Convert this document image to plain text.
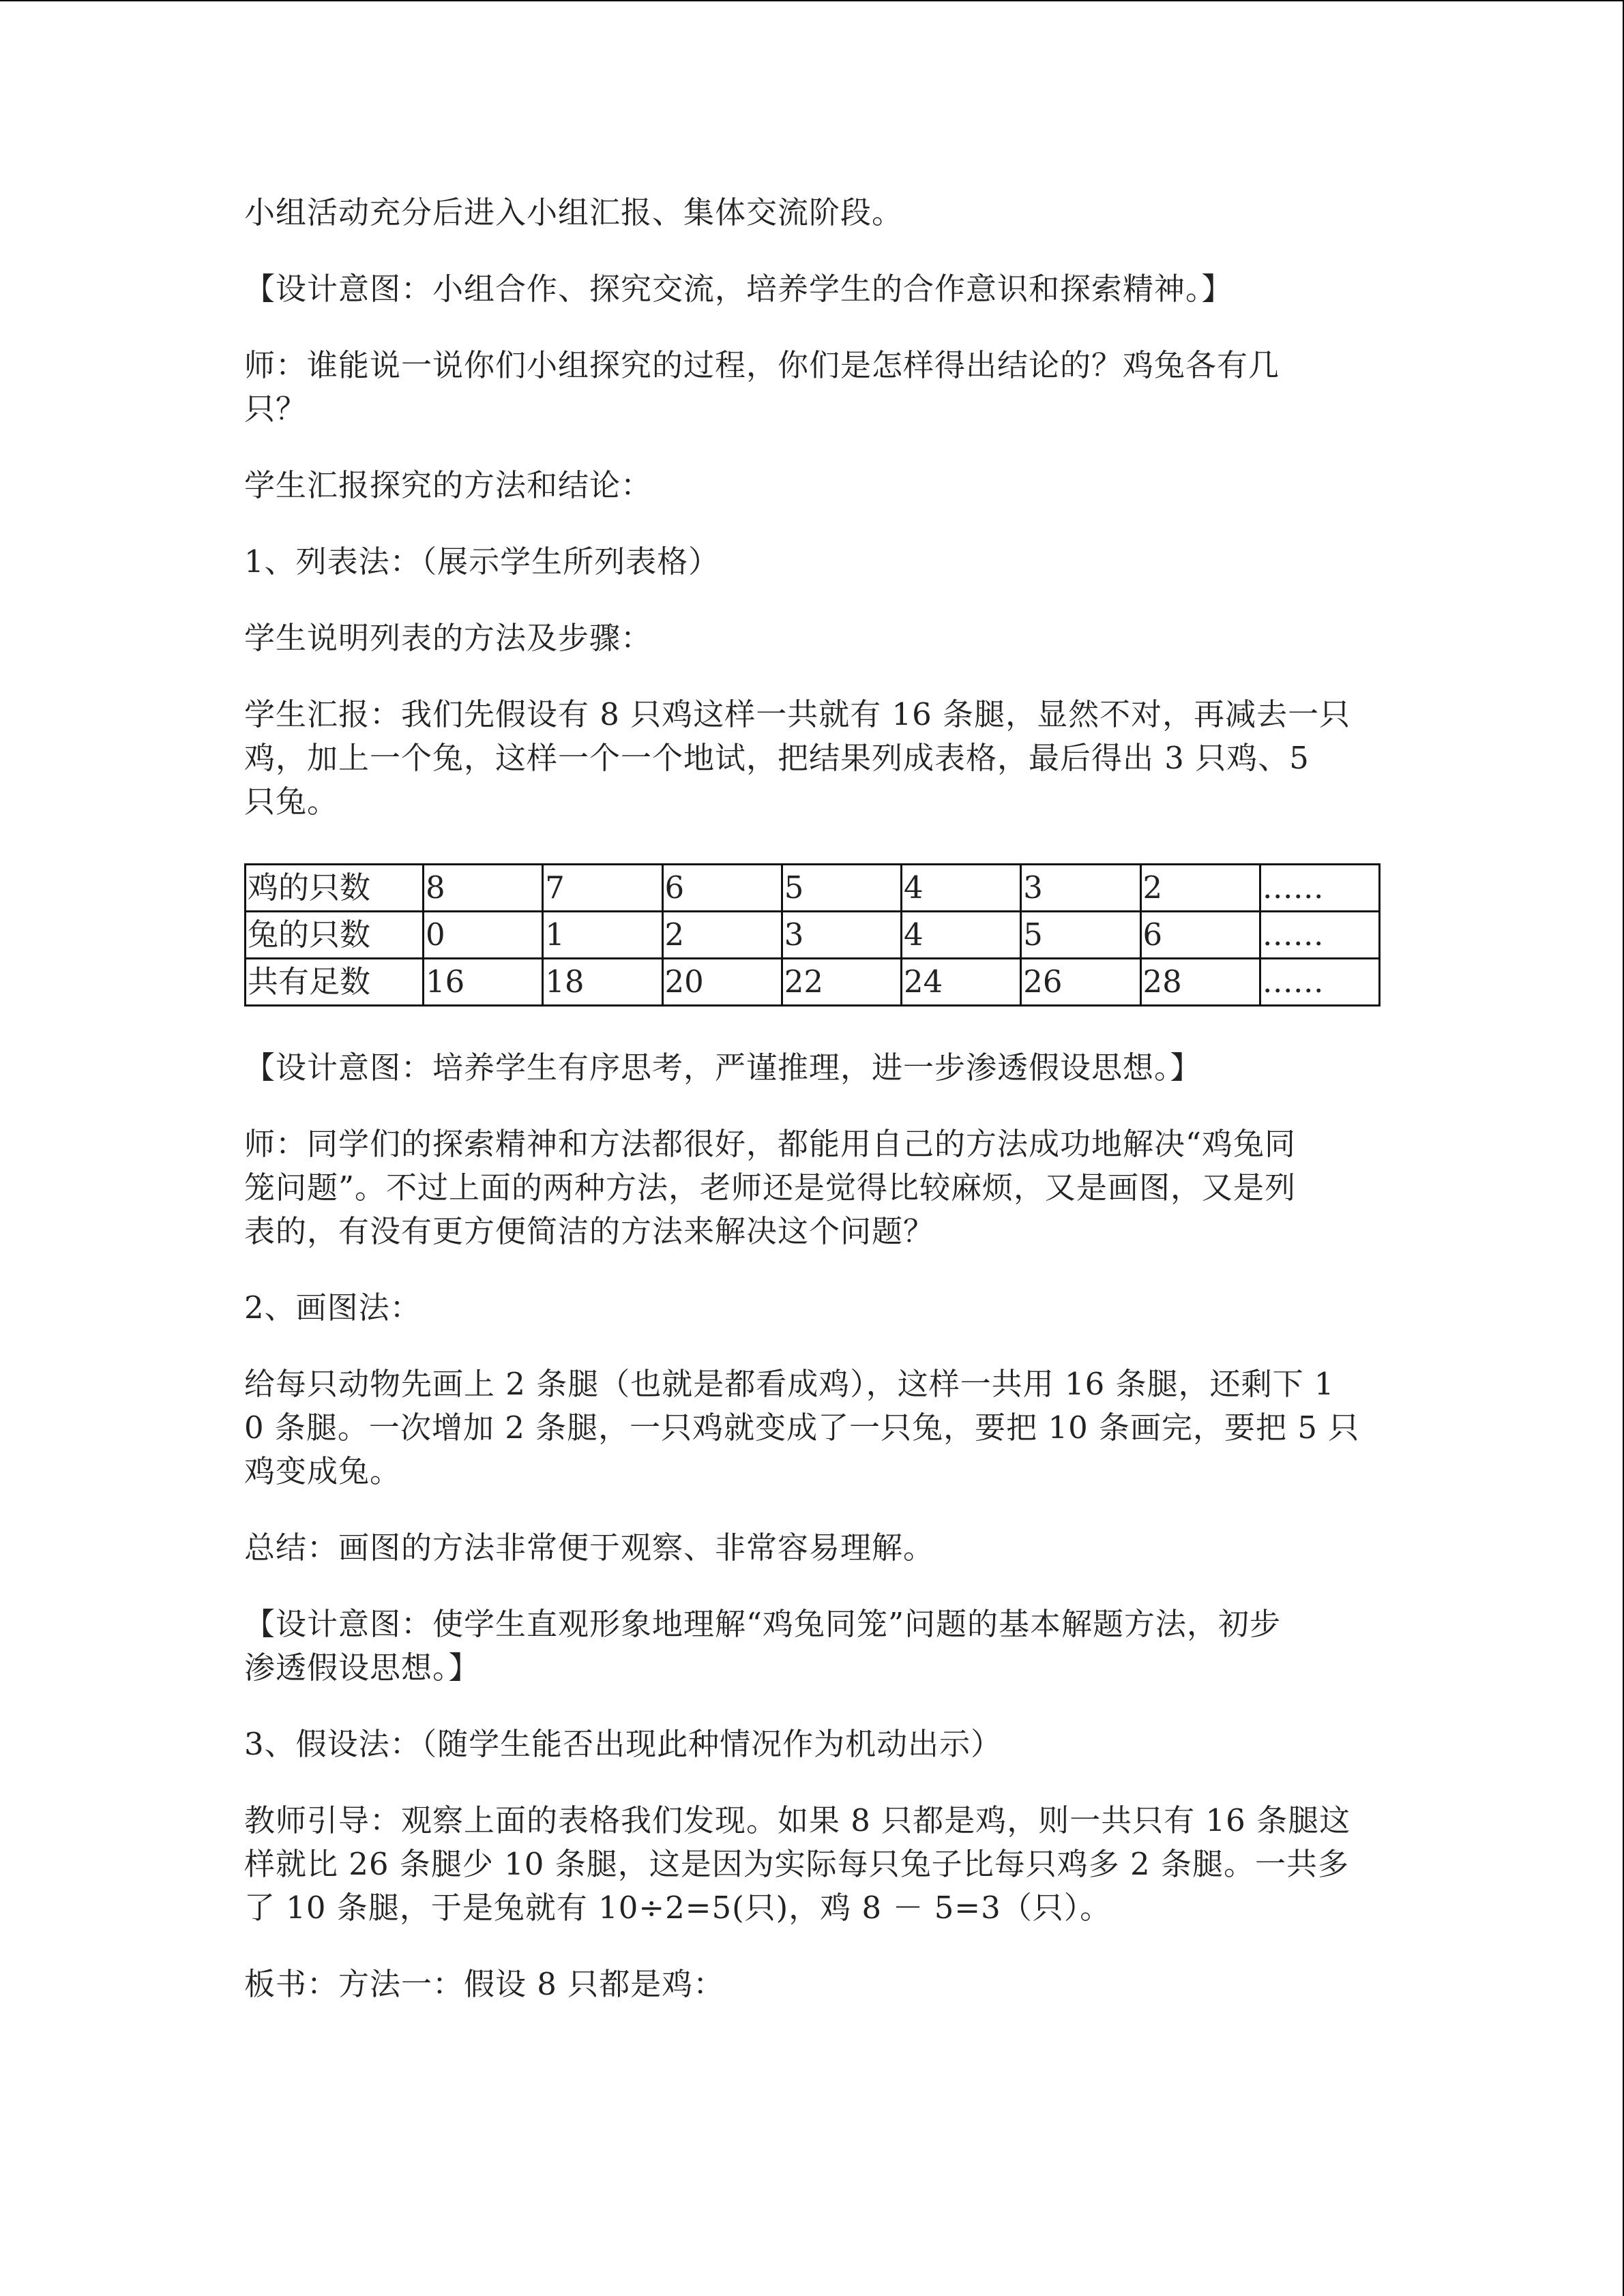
小组活动充分后进入小组汇报、集体交流阶段。

【设计意图：小组合作、探究交流，培养学生的合作意识和探索精神。】

师：谁能说一说你们小组探究的过程，你们是怎样得出结论的？鸡兔各有几

只？

学生汇报探究的方法和结论：

1、列表法：（展示学生所列表格）

学生说明列表的方法及步骤：

学生汇报：我们先假设有 8 只鸡这样一共就有 16 条腿，显然不对，再减去一只

鸡，加上一个兔，这样一个一个地试，把结果列成表格，最后得出 3 只鸡、5

只兔。

鸡的只数	8	7	6	5	4	3	2	……
兔的只数	0	1	2	3	4	5	6	……
共有足数	16	18	20	22	24	26	28	……

【设计意图：培养学生有序思考，严谨推理，进一步渗透假设思想。】

师：同学们的探索精神和方法都很好，都能用自己的方法成功地解决“鸡兔同

笼问题”。不过上面的两种方法，老师还是觉得比较麻烦，又是画图，又是列

表的，有没有更方便简洁的方法来解决这个问题？

2、画图法：

给每只动物先画上 2 条腿（也就是都看成鸡），这样一共用 16 条腿，还剩下 1

0 条腿。一次增加 2 条腿，一只鸡就变成了一只兔，要把 10 条画完，要把 5 只

鸡变成兔。

总结：画图的方法非常便于观察、非常容易理解。

【设计意图：使学生直观形象地理解“鸡兔同笼”问题的基本解题方法，初步

渗透假设思想。】

3、假设法：（随学生能否出现此种情况作为机动出示）

教师引导：观察上面的表格我们发现。如果 8 只都是鸡，则一共只有 16 条腿这

样就比 26 条腿少 10 条腿，这是因为实际每只兔子比每只鸡多 2 条腿。一共多

了 10 条腿，于是兔就有 10÷2=5(只)，鸡 8 － 5=3（只）。

板书：方法一：假设 8 只都是鸡：
